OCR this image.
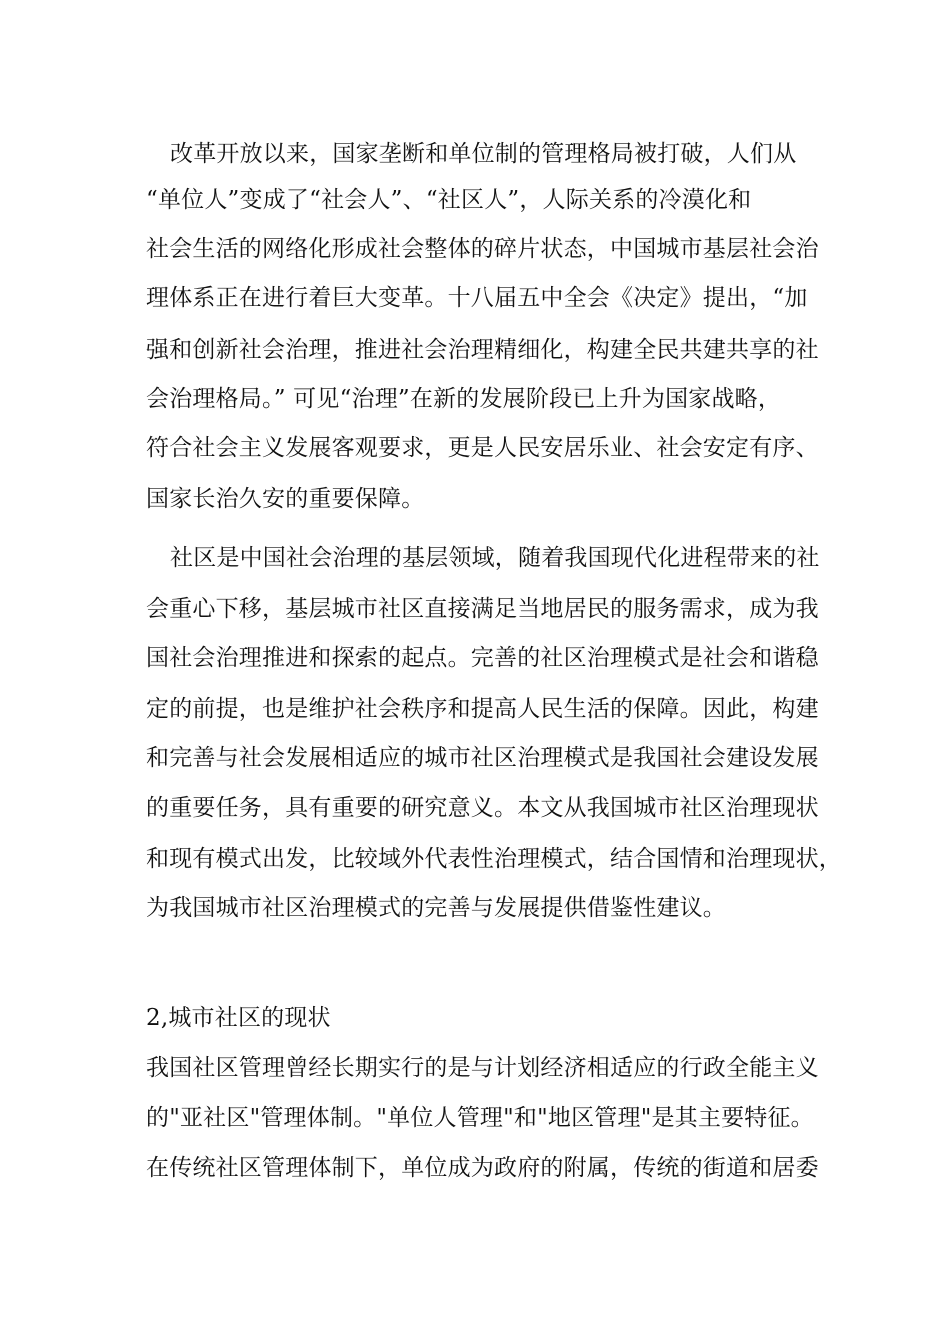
改革开放以来，国家垄断和单位制的管理格局被打破，人们从
“单位人”变成了“社会人”、“社区人”，人际关系的冷漠化和
社会生活的网络化形成社会整体的碎片状态，中国城市基层社会治
理体系正在进行着巨大变革。十八届五中全会《决定》提出，“加
强和创新社会治理，推进社会治理精细化，构建全民共建共享的社
会治理格局。” 可见“治理”在新的发展阶段已上升为国家战略，
符合社会主义发展客观要求，更是人民安居乐业、社会安定有序、
国家长治久安的重要保障。
社区是中国社会治理的基层领域，随着我国现代化进程带来的社
会重心下移，基层城市社区直接满足当地居民的服务需求，成为我
国社会治理推进和探索的起点。完善的社区治理模式是社会和谐稳
定的前提，也是维护社会秩序和提高人民生活的保障。因此，构建
和完善与社会发展相适应的城市社区治理模式是我国社会建设发展
的重要任务，具有重要的研究意义。本文从我国城市社区治理现状
和现有模式出发，比较域外代表性治理模式，结合国情和治理现状，
为我国城市社区治理模式的完善与发展提供借鉴性建议。
2,城市社区的现状
我国社区管理曾经长期实行的是与计划经济相适应的行政全能主义
的"亚社区"管理体制。"单位人管理"和"地区管理"是其主要特征。
在传统社区管理体制下，单位成为政府的附属，传统的街道和居委
